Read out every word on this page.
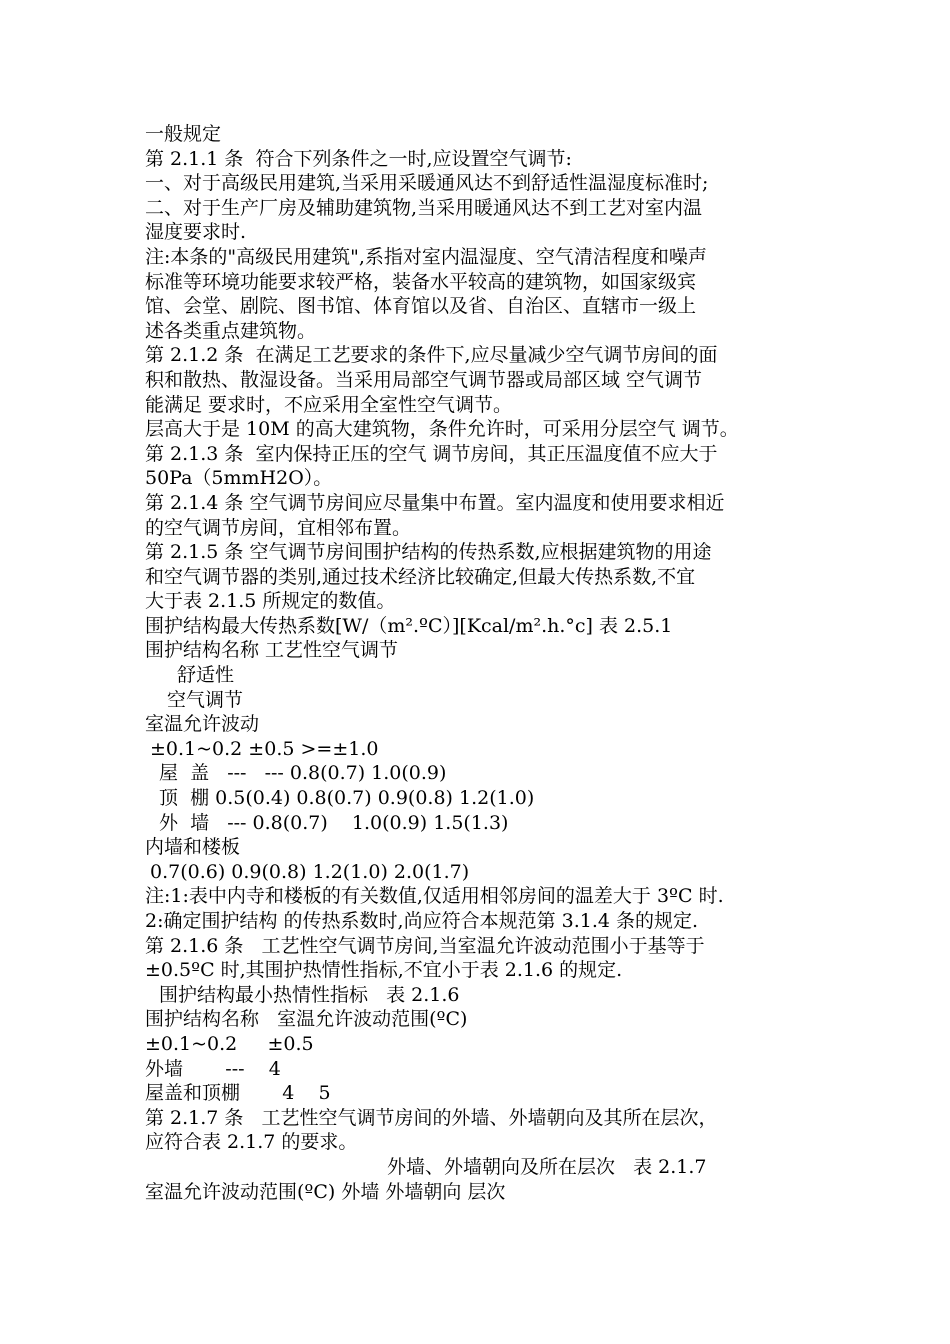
一般规定
第 2.1.1 条  符合下列条件之一时,应设置空气调节:
一、对于高级民用建筑,当采用采暖通风达不到舒适性温湿度标准时;
二、对于生产厂房及辅助建筑物,当采用暖通风达不到工艺对室内温
湿度要求时.
注:本条的"高级民用建筑",系指对室内温湿度、空气清洁程度和噪声
标准等环境功能要求较严格，装备水平较高的建筑物，如国家级宾
馆、会堂、剧院、图书馆、体育馆以及省、自治区、直辖市一级上
述各类重点建筑物。
第 2.1.2 条  在满足工艺要求的条件下,应尽量减少空气调节房间的面
积和散热、散湿设备。当采用局部空气调节器或局部区域 空气调节
能满足 要求时，不应采用全室性空气调节。
层高大于是 10M 的高大建筑物，条件允许时，可采用分层空气 调节。
第 2.1.3 条  室内保持正压的空气 调节房间，其正压温度值不应大于
50Pa（5mmH2O）。
第 2.1.4 条 空气调节房间应尽量集中布置。室内温度和使用要求相近
的空气调节房间，宜相邻布置。
第 2.1.5 条 空气调节房间围护结构的传热系数,应根据建筑物的用途
和空气调节器的类别,通过技术经济比较确定,但最大传热系数,不宜
大于表 2.1.5 所规定的数值。
围护结构最大传热系数[W/（m².ºC）][Kcal/m².h.°c] 表 2.5.1
围护结构名称 工艺性空气调节
舒适性
空气调节
室温允许波动
±0.1~0.2 ±0.5 >=±1.0
屋  盖   ---   --- 0.8(0.7) 1.0(0.9)
顶  棚 0.5(0.4) 0.8(0.7) 0.9(0.8) 1.2(1.0)
外  墙   --- 0.8(0.7)    1.0(0.9) 1.5(1.3)
内墙和楼板
0.7(0.6) 0.9(0.8) 1.2(1.0) 2.0(1.7)
注:1:表中内寺和楼板的有关数值,仅适用相邻房间的温差大于 3ºC 时.
2:确定围护结构 的传热系数时,尚应符合本规范第 3.1.4 条的规定.
第 2.1.6 条   工艺性空气调节房间,当室温允许波动范围小于基等于
±0.5ºC 时,其围护热情性指标,不宜小于表 2.1.6 的规定.
围护结构最小热情性指标   表 2.1.6
围护结构名称   室温允许波动范围(ºC)
±0.1~0.2     ±0.5
外墙       ---    4
屋盖和顶棚       4    5
第 2.1.7 条   工艺性空气调节房间的外墙、外墙朝向及其所在层次，
应符合表 2.1.7 的要求。
外墙、外墙朝向及所在层次   表 2.1.7
室温允许波动范围(ºC) 外墙 外墙朝向 层次
